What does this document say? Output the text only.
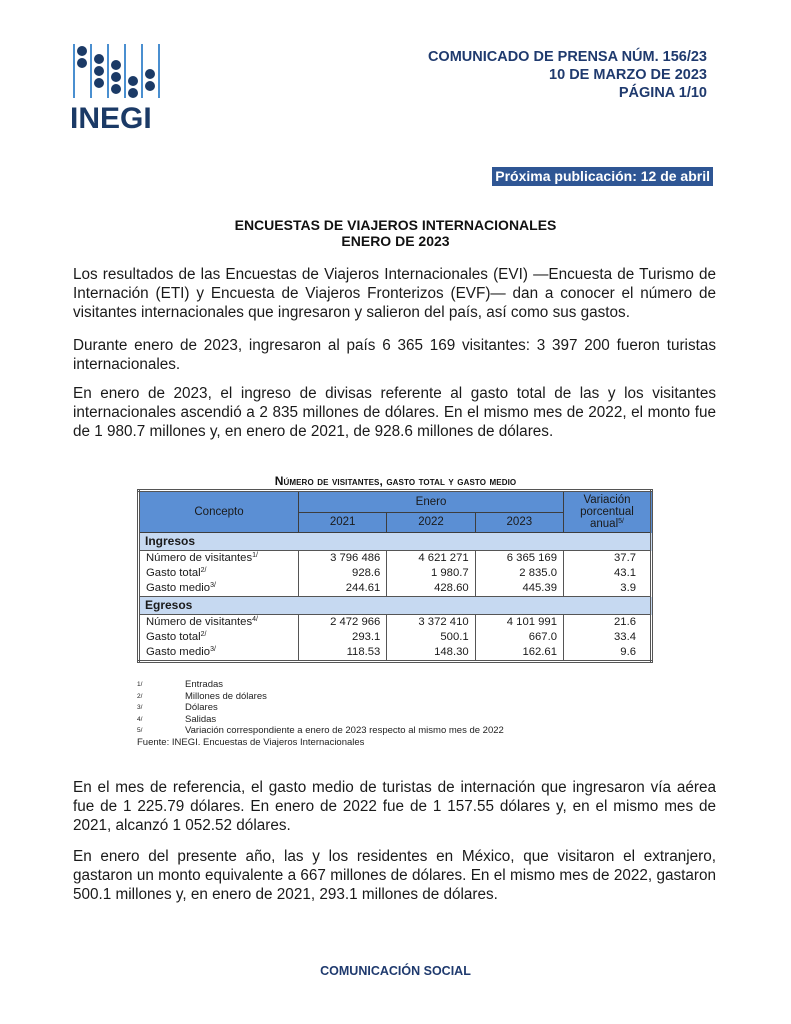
INEGI
COMUNICADO DE PRENSA NÚM. 156/23
10 DE MARZO DE 2023
PÁGINA 1/10
Próxima publicación: 12 de abril
ENCUESTAS DE VIAJEROS INTERNACIONALES
ENERO DE 2023

Los resultados de las Encuestas de Viajeros Internacionales (EVI) —Encuesta de Turismo de Internación (ETI) y Encuesta de Viajeros Fronterizos (EVF)— dan a conocer el número de visitantes internacionales que ingresaron y salieron del país, así como sus gastos.

Durante enero de 2023, ingresaron al país 6 365 169 visitantes: 3 397 200 fueron turistas internacionales.

En enero de 2023, el ingreso de divisas referente al gasto total de las y los visitantes internacionales ascendió a 2 835 millones de dólares. En el mismo mes de 2022, el monto fue de 1 980.7 millones y, en enero de 2021, de 928.6 millones de dólares.

Número de visitantes, gasto total y gasto medio
Concepto	Enero			Variación porcentual anual$^{5/}$
	2021	2022	2023	
Ingresos				
Número de visitantes$^{1/}$	3 796 486	4 621 271	6 365 169	37.7
Gasto total$^{2/}$	928.6	1 980.7	2 835.0	43.1
Gasto medio$^{3/}$	244.61	428.60	445.39	3.9
Egresos				
Número de visitantes$^{4/}$	2 472 966	3 372 410	4 101 991	21.6
Gasto total$^{2/}$	293.1	500.1	667.0	33.4
Gasto medio$^{3/}$	118.53	148.30	162.61	9.6
1/	Entradas
2/	Millones de dólares
3/	Dólares
4/	Salidas
5/	Variación correspondiente a enero de 2023 respecto al mismo mes de 2022
Fuente: INEGI. Encuestas de Viajeros Internacionales

En el mes de referencia, el gasto medio de turistas de internación que ingresaron vía aérea fue de 1 225.79 dólares. En enero de 2022 fue de 1 157.55 dólares y, en el mismo mes de 2021, alcanzó 1 052.52 dólares.

En enero del presente año, las y los residentes en México, que visitaron el extranjero, gastaron un monto equivalente a 667 millones de dólares. En el mismo mes de 2022, gastaron 500.1 millones y, en enero de 2021, 293.1 millones de dólares.

COMUNICACIÓN SOCIAL
